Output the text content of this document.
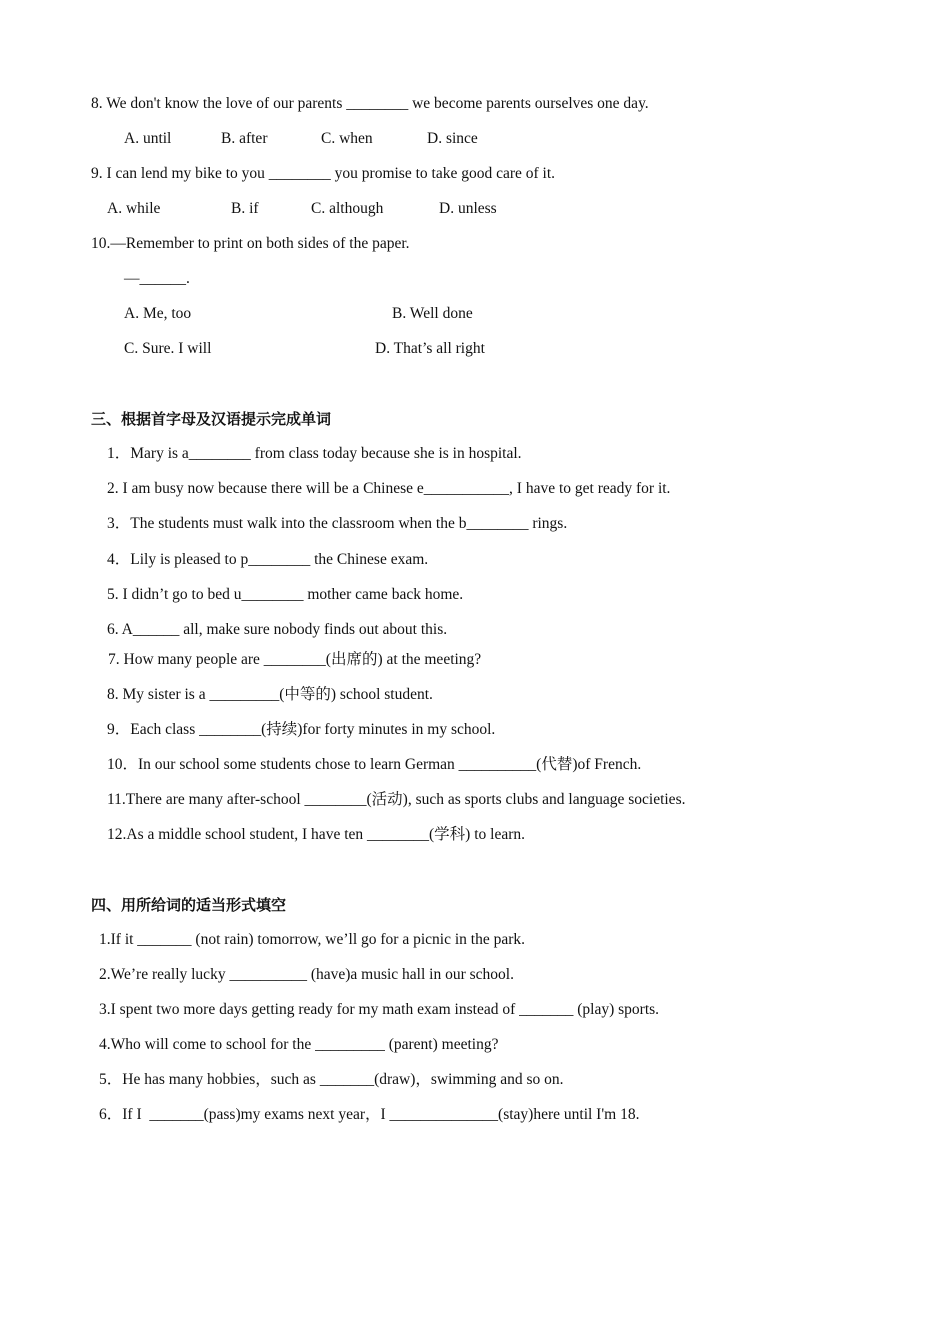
8. We don't know the love of our parents ________ we become parents ourselves one day.
A. until	B. after	C. when	D. since
9. I can lend my bike to you ________ you promise to take good care of it.
A. while	B. if	C. although	D. unless
10.—Remember to print on both sides of the paper.
—______.
A. Me, too	B. Well done
C. Sure. I will	D. That’s all right
三、根据首字母及汉语提示完成单词
1．Mary is a________ from class today because she is in hospital.
2. I am busy now because there will be a Chinese e___________, I have to get ready for it.
3．The students must walk into the classroom when the b________ rings.
4．Lily is pleased to p________ the Chinese exam.
5. I didn’t go to bed u________ mother came back home.
6. A______ all, make sure nobody finds out about this.
7. How many people are ________(出席的) at the meeting?
8. My sister is a _________(中等的) school student.
9．Each class ________(持续)for forty minutes in my school.
10．In our school some students chose to learn German __________(代替)of French.
11.There are many after-school ________(活动), such as sports clubs and language societies.
12.As a middle school student, I have ten ________(学科) to learn.
四、用所给词的适当形式填空
1.If it _______ (not rain) tomorrow, we’ll go for a picnic in the park.
2.We’re really lucky __________ (have)a music hall in our school.
3.I spent two more days getting ready for my math exam instead of _______ (play) sports.
4.Who will come to school for the _________ (parent) meeting?
5．He has many hobbies，such as _______(draw)，swimming and so on.
6．If I  _______(pass)my exams next year，I ______________(stay)here until I'm 18.
